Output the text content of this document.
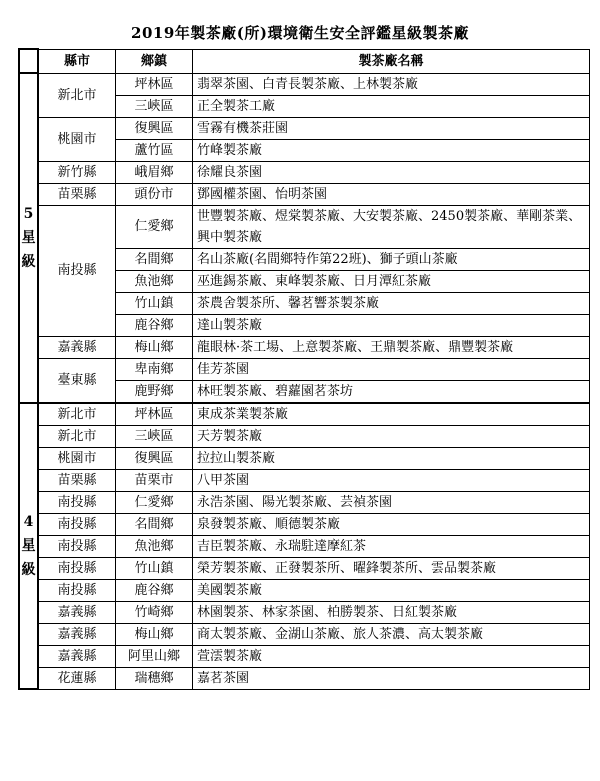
2019年製茶廠(所)環境衛生安全評鑑星級製茶廠
	縣市	鄉鎮	製茶廠名稱
5星級	新北市	坪林區	翡翠茶園、白青長製茶廠、上林製茶廠
		三峽區	正全製茶工廠
	桃園市	復興區	雪霧有機茶莊園
		蘆竹區	竹峰製茶廠
	新竹縣	峨眉鄉	徐耀良茶園
	苗栗縣	頭份市	鄧國權茶園、怡明茶園
	南投縣	仁愛鄉	世豐製茶廠、煜棠製茶廠、大安製茶廠、2450製茶廠、華剛茶業、興中製茶廠
		名間鄉	名山茶廠(名間鄉特作第22班)、獅子頭山茶廠
		魚池鄉	巫進錫茶廠、東峰製茶廠、日月潭紅茶廠
		竹山鎮	茶農舍製茶所、馨茗響茶製茶廠
		鹿谷鄉	達山製茶廠
	嘉義縣	梅山鄉	龍眼林·茶工場、上意製茶廠、王鼎製茶廠、鼎豐製茶廠
	臺東縣	卑南鄉	佳芳茶園
		鹿野鄉	林旺製茶廠、碧蘿園茗茶坊
4星級	新北市	坪林區	東成茶業製茶廠
	新北市	三峽區	天芳製茶廠
	桃園市	復興區	拉拉山製茶廠
	苗栗縣	苗栗市	八甲茶園
	南投縣	仁愛鄉	永浩茶園、陽光製茶廠、芸禎茶園
	南投縣	名間鄉	泉發製茶廠、順德製茶廠
	南投縣	魚池鄉	吉臣製茶廠、永瑞駐達摩紅茶
	南投縣	竹山鎮	榮芳製茶廠、正發製茶所、曜鋒製茶所、雲品製茶廠
	南投縣	鹿谷鄉	美國製茶廠
	嘉義縣	竹崎鄉	林園製茶、林家茶園、柏勝製茶、日紅製茶廠
	嘉義縣	梅山鄉	商太製茶廠、金湖山茶廠、旅人茶濃、高太製茶廠
	嘉義縣	阿里山鄉	萱澐製茶廠
	花蓮縣	瑞穗鄉	嘉茗茶園
